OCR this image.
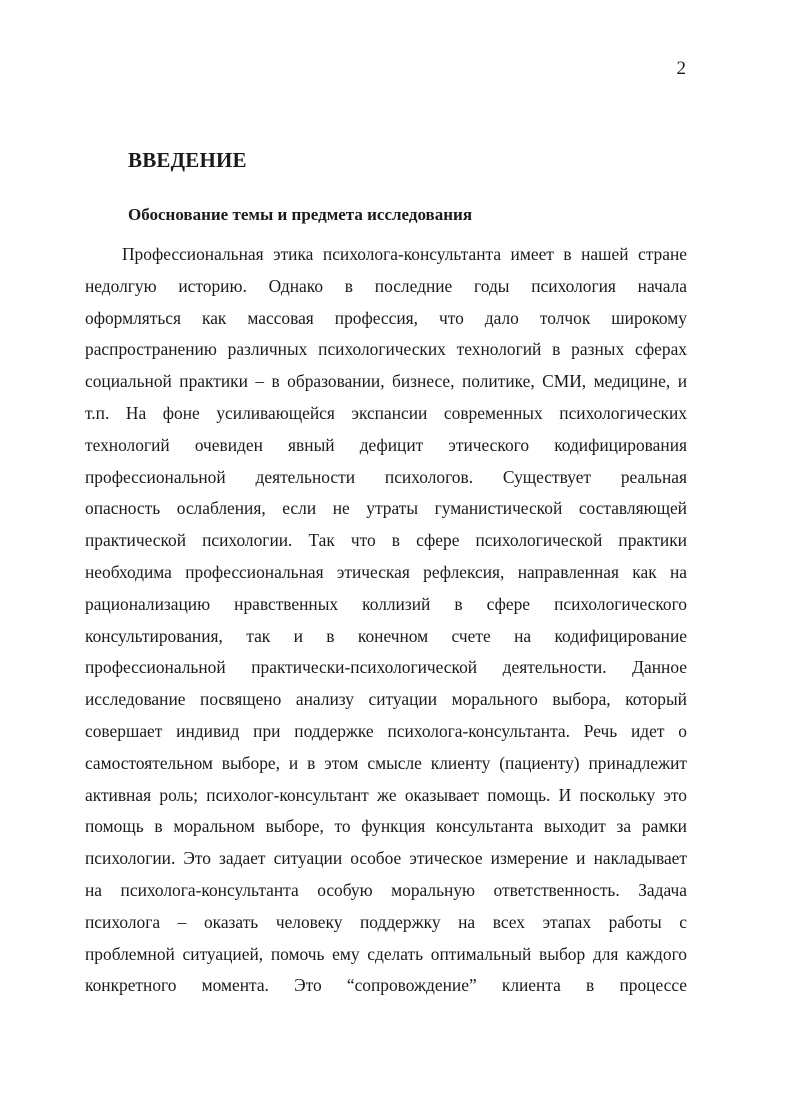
2
ВВЕДЕНИЕ
Обоснование темы и предмета исследования
Профессиональная этика психолога-консультанта имеет в нашей стране
недолгую историю. Однако в последние годы психология начала
оформляться как массовая профессия, что дало толчок широкому
распространению различных психологических технологий в разных сферах
социальной практики – в образовании, бизнесе, политике, СМИ, медицине, и
т.п. На фоне усиливающейся экспансии современных психологических
технологий очевиден явный дефицит этического кодифицирования
профессиональной деятельности психологов. Существует реальная
опасность ослабления, если не утраты гуманистической составляющей
практической психологии. Так что в сфере психологической практики
необходима профессиональная этическая рефлексия, направленная как на
рационализацию нравственных коллизий в сфере психологического
консультирования, так и в конечном счете на кодифицирование
профессиональной практически-психологической деятельности. Данное
исследование посвящено анализу ситуации морального выбора, который
совершает индивид при поддержке психолога-консультанта. Речь идет о
самостоятельном выборе, и в этом смысле клиенту (пациенту) принадлежит
активная роль; психолог-консультант же оказывает помощь. И поскольку это
помощь в моральном выборе, то функция консультанта выходит за рамки
психологии. Это задает ситуации особое этическое измерение и накладывает
на психолога-консультанта особую моральную ответственность. Задача
психолога – оказать человеку поддержку на всех этапах работы с
проблемной ситуацией, помочь ему сделать оптимальный выбор для каждого
конкретного момента. Это “сопровождение” клиента в процессе
